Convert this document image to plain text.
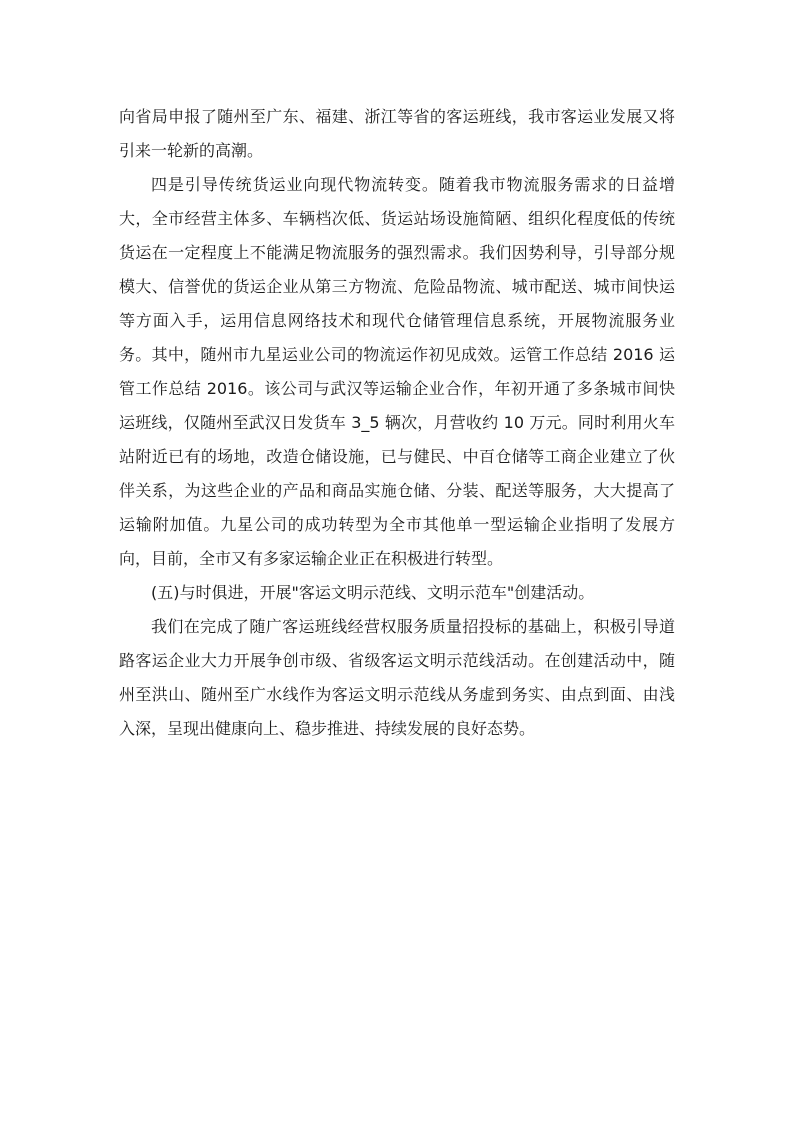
向省局申报了随州至广东、福建、浙江等省的客运班线，我市客运业发展又将引来一轮新的高潮。

四是引导传统货运业向现代物流转变。随着我市物流服务需求的日益增大，全市经营主体多、车辆档次低、货运站场设施简陋、组织化程度低的传统货运在一定程度上不能满足物流服务的强烈需求。我们因势利导，引导部分规模大、信誉优的货运企业从第三方物流、危险品物流、城市配送、城市间快运等方面入手，运用信息网络技术和现代仓储管理信息系统，开展物流服务业务。其中，随州市九星运业公司的物流运作初见成效。运管工作总结 2016 运管工作总结 2016。该公司与武汉等运输企业合作，年初开通了多条城市间快运班线，仅随州至武汉日发货车 3_5 辆次，月营收约 10 万元。同时利用火车站附近已有的场地，改造仓储设施，已与健民、中百仓储等工商企业建立了伙伴关系，为这些企业的产品和商品实施仓储、分装、配送等服务，大大提高了运输附加值。九星公司的成功转型为全市其他单一型运输企业指明了发展方向，目前，全市又有多家运输企业正在积极进行转型。

(五)与时俱进，开展"客运文明示范线、文明示范车"创建活动。

我们在完成了随广客运班线经营权服务质量招投标的基础上，积极引导道路客运企业大力开展争创市级、省级客运文明示范线活动。在创建活动中，随州至洪山、随州至广水线作为客运文明示范线从务虚到务实、由点到面、由浅入深，呈现出健康向上、稳步推进、持续发展的良好态势。
